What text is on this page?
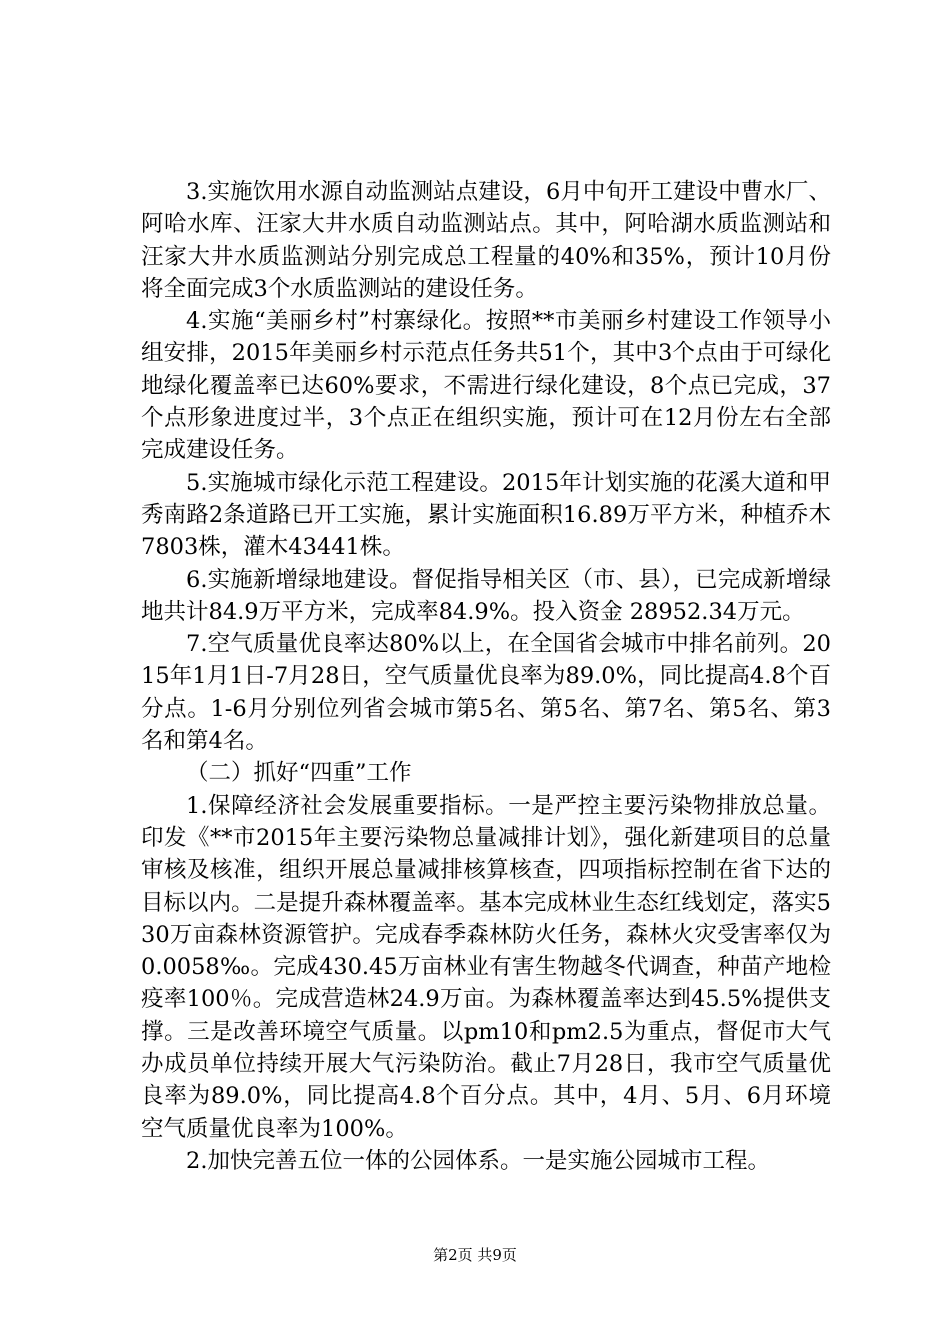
3.实施饮用水源自动监测站点建设，6月中旬开工建设中曹水厂、阿哈水库、汪家大井水质自动监测站点。其中，阿哈湖水质监测站和汪家大井水质监测站分别完成总工程量的40%和35%，预计10月份将全面完成3个水质监测站的建设任务。

4.实施“美丽乡村”村寨绿化。按照**市美丽乡村建设工作领导小组安排，2015年美丽乡村示范点任务共51个，其中3个点由于可绿化地绿化覆盖率已达60%要求，不需进行绿化建设，8个点已完成，37个点形象进度过半，3个点正在组织实施，预计可在12月份左右全部完成建设任务。

5.实施城市绿化示范工程建设。2015年计划实施的花溪大道和甲秀南路2条道路已开工实施，累计实施面积16.89万平方米，种植乔木7803株，灌木43441株。

6.实施新增绿地建设。督促指导相关区（市、县），已完成新增绿地共计84.9万平方米，完成率84.9%。投入资金 28952.34万元。

7.空气质量优良率达80%以上，在全国省会城市中排名前列。2015年1月1日-7月28日，空气质量优良率为89.0%，同比提高4.8个百分点。1-6月分别位列省会城市第5名、第5名、第7名、第5名、第3名和第4名。

（二）抓好“四重”工作

1.保障经济社会发展重要指标。一是严控主要污染物排放总量。印发《**市2015年主要污染物总量减排计划》，强化新建项目的总量审核及核准，组织开展总量减排核算核查，四项指标控制在省下达的目标以内。二是提升森林覆盖率。基本完成林业生态红线划定，落实530万亩森林资源管护。完成春季森林防火任务，森林火灾受害率仅为0.0058‰。完成430.45万亩林业有害生物越冬代调查，种苗产地检疫率100％。完成营造林24.9万亩。为森林覆盖率达到45.5%提供支撑。三是改善环境空气质量。以pm10和pm2.5为重点，督促市大气办成员单位持续开展大气污染防治。截止7月28日，我市空气质量优良率为89.0%，同比提高4.8个百分点。其中，4月、5月、6月环境空气质量优良率为100%。

2.加快完善五位一体的公园体系。一是实施公园城市工程。

第2页 共9页
